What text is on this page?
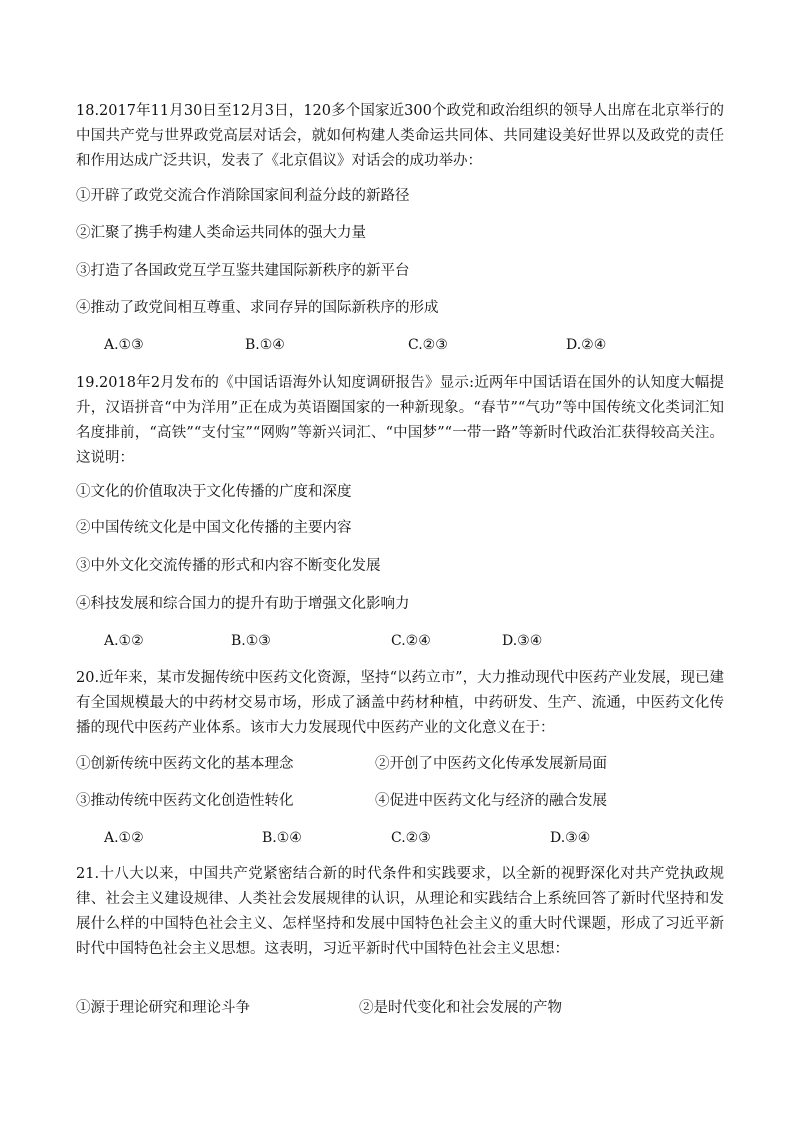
18.2017年11月30日至12月3日，120多个国家近300个政党和政治组织的领导人出席在北京举行的中国共产党与世界政党高层对话会，就如何构建人类命运共同体、共同建设美好世界以及政党的责任和作用达成广泛共识，发表了《北京倡议》对话会的成功举办：
①开辟了政党交流合作消除国家间利益分歧的新路径
②汇聚了携手构建人类命运共同体的强大力量
③打造了各国政党互学互鉴共建国际新秩序的新平台
④推动了政党间相互尊重、求同存异的国际新秩序的形成
A.①③	B.①④	C.②③	D.②④
19.2018年2月发布的《中国话语海外认知度调研报告》显示:近两年中国话语在国外的认知度大幅提升，汉语拼音“中为洋用”正在成为英语圈国家的一种新现象。“春节”“气功”等中国传统文化类词汇知名度排前，“高铁”“支付宝”“网购”等新兴词汇、“中国梦”“一带一路”等新时代政治汇获得较高关注。这说明：
①文化的价值取决于文化传播的广度和深度
②中国传统文化是中国文化传播的主要内容
③中外文化交流传播的形式和内容不断变化发展
④科技发展和综合国力的提升有助于增强文化影响力
A.①②	B.①③	C.②④	D.③④
20.近年来，某市发掘传统中医药文化资源，坚持“以药立市”，大力推动现代中医药产业发展，现已建有全国规模最大的中药材交易市场，形成了涵盖中药材种植，中药研发、生产、流通，中医药文化传播的现代中医药产业体系。该市大力发展现代中医药产业的文化意义在于：
①创新传统中医药文化的基本理念	②开创了中医药文化传承发展新局面
③推动传统中医药文化创造性转化	④促进中医药文化与经济的融合发展
A.①②	B.①④	C.②③	D.③④
21.十八大以来，中国共产党紧密结合新的时代条件和实践要求，以全新的视野深化对共产党执政规律、社会主义建设规律、人类社会发展规律的认识，从理论和实践结合上系统回答了新时代坚持和发展什么样的中国特色社会主义、怎样坚持和发展中国特色社会主义的重大时代课题，形成了习近平新时代中国特色社会主义思想。这表明，习近平新时代中国特色社会主义思想：
①源于理论研究和理论斗争	②是时代变化和社会发展的产物
